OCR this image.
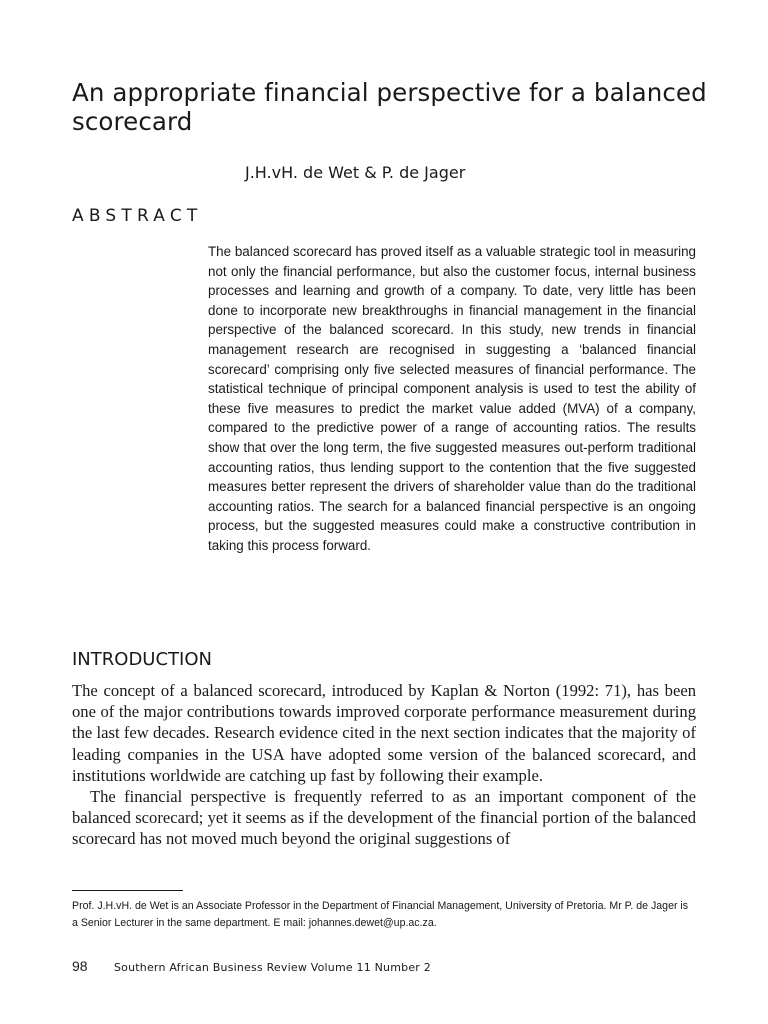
An appropriate financial perspective for a balanced scorecard
J.H.vH. de Wet & P. de Jager
ABSTRACT

The balanced scorecard has proved itself as a valuable strategic tool in measuring not only the financial performance, but also the customer focus, internal business processes and learning and growth of a company. To date, very little has been done to incorporate new breakthroughs in financial management in the financial perspective of the balanced scorecard. In this study, new trends in financial management research are recognised in suggesting a ‘balanced financial scorecard’ comprising only five selected measures of financial performance. The statistical technique of principal component analysis is used to test the ability of these five measures to predict the market value added (MVA) of a company, compared to the predictive power of a range of accounting ratios. The results show that over the long term, the five suggested measures out-perform traditional accounting ratios, thus lending support to the contention that the five suggested measures better represent the drivers of shareholder value than do the traditional accounting ratios. The search for a balanced financial perspective is an ongoing process, but the suggested measures could make a constructive contribution in taking this process forward.

INTRODUCTION

The concept of a balanced scorecard, introduced by Kaplan & Norton (1992: 71), has been one of the major contributions towards improved corporate performance measurement during the last few decades. Research evidence cited in the next section indicates that the majority of leading companies in the USA have adopted some version of the balanced scorecard, and institutions worldwide are catching up fast by following their example.

The financial perspective is frequently referred to as an important component of the balanced scorecard; yet it seems as if the development of the financial portion of the balanced scorecard has not moved much beyond the original suggestions of

Prof. J.H.vH. de Wet is an Associate Professor in the Department of Financial Management, University of Pretoria. Mr P. de Jager is a Senior Lecturer in the same department. E mail: johannes.dewet@up.ac.za.

98 Southern African Business Review Volume 11 Number 2
